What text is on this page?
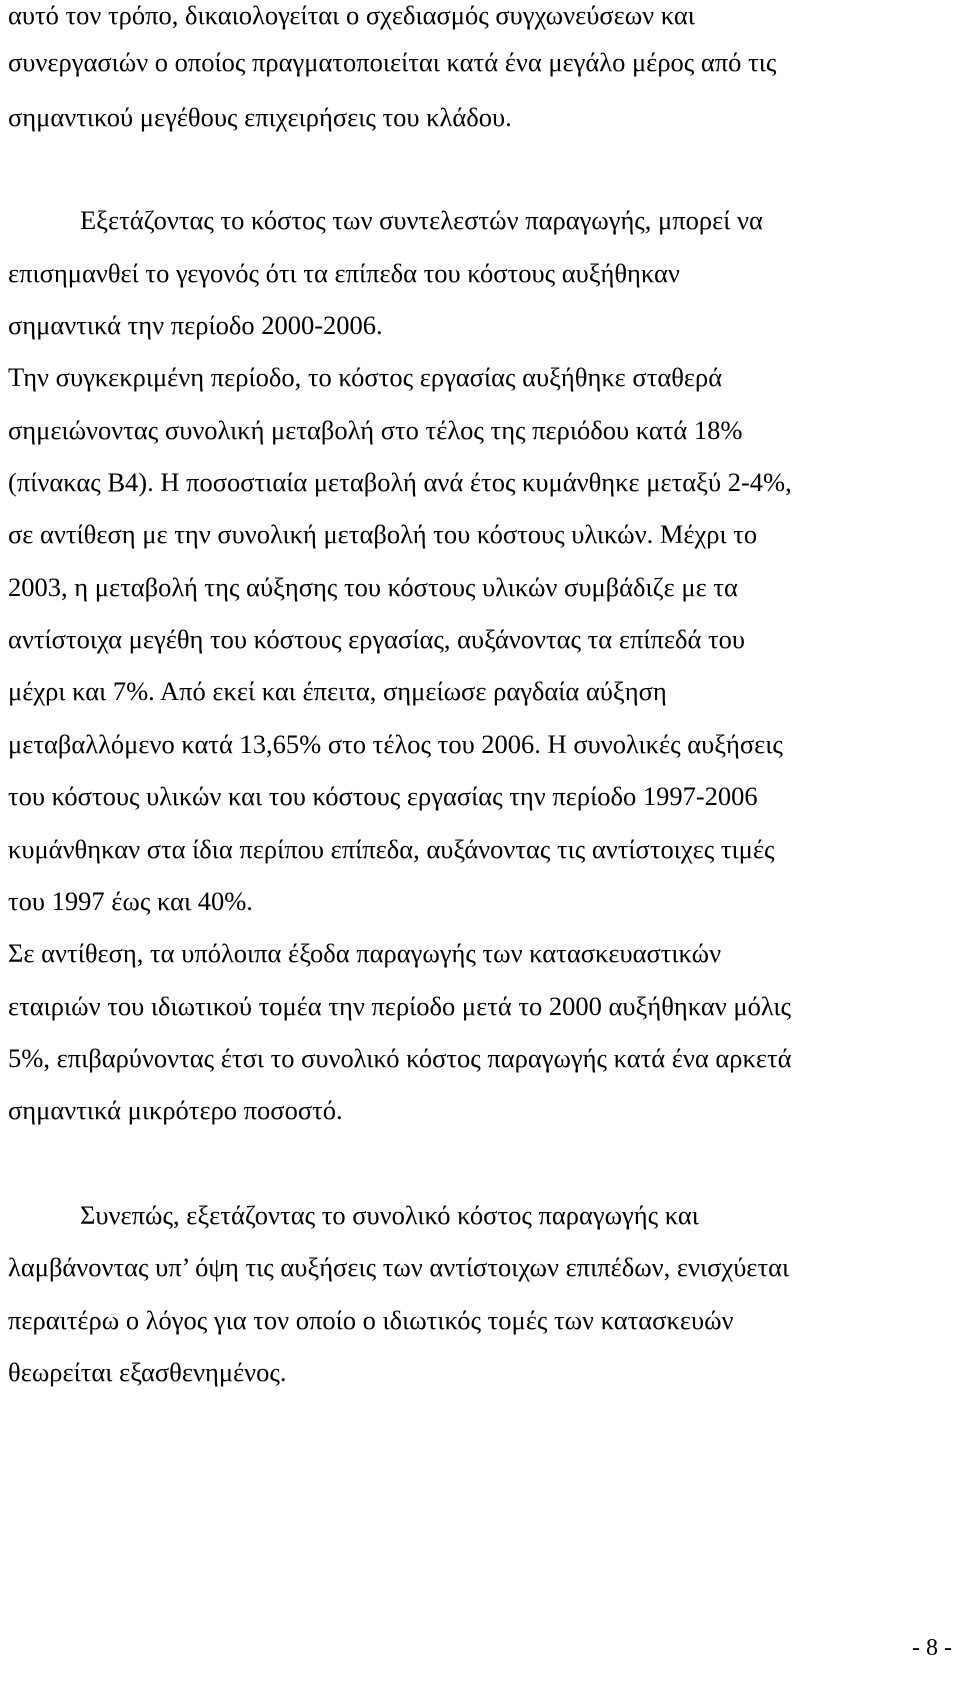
αυτό τον τρόπο, δικαιολογείται ο σχεδιασμός συγχωνεύσεων και
συνεργασιών ο οποίος πραγματοποιείται κατά ένα μεγάλο μέρος από τις
σημαντικού μεγέθους επιχειρήσεις του κλάδου.
Εξετάζοντας το κόστος των συντελεστών παραγωγής, μπορεί να
επισημανθεί το γεγονός ότι τα επίπεδα του κόστους αυξήθηκαν
σημαντικά την περίοδο 2000-2006.
Την συγκεκριμένη περίοδο, το κόστος εργασίας αυξήθηκε σταθερά
σημειώνοντας συνολική μεταβολή στο τέλος της περιόδου κατά 18%
(πίνακας Β4). Η ποσοστιαία μεταβολή ανά έτος κυμάνθηκε μεταξύ 2-4%,
σε αντίθεση με την συνολική μεταβολή του κόστους υλικών. Μέχρι το
2003, η μεταβολή της αύξησης του κόστους υλικών συμβάδιζε με τα
αντίστοιχα μεγέθη του κόστους εργασίας, αυξάνοντας τα επίπεδά του
μέχρι και 7%. Από εκεί και έπειτα, σημείωσε ραγδαία αύξηση
μεταβαλλόμενο κατά 13,65% στο τέλος του 2006. Η συνολικές αυξήσεις
του κόστους υλικών και του κόστους εργασίας την περίοδο 1997-2006
κυμάνθηκαν στα ίδια περίπου επίπεδα, αυξάνοντας τις αντίστοιχες τιμές
του 1997 έως και 40%.
Σε αντίθεση, τα υπόλοιπα έξοδα παραγωγής των κατασκευαστικών
εταιριών του ιδιωτικού τομέα την περίοδο μετά το 2000 αυξήθηκαν μόλις
5%, επιβαρύνοντας έτσι το συνολικό κόστος παραγωγής κατά ένα αρκετά
σημαντικά μικρότερο ποσοστό.
Συνεπώς, εξετάζοντας το συνολικό κόστος παραγωγής και
λαμβάνοντας υπ’ όψη τις αυξήσεις των αντίστοιχων επιπέδων, ενισχύεται
περαιτέρω ο λόγος για τον οποίο ο ιδιωτικός τομές των κατασκευών
θεωρείται εξασθενημένος.
- 8 -
